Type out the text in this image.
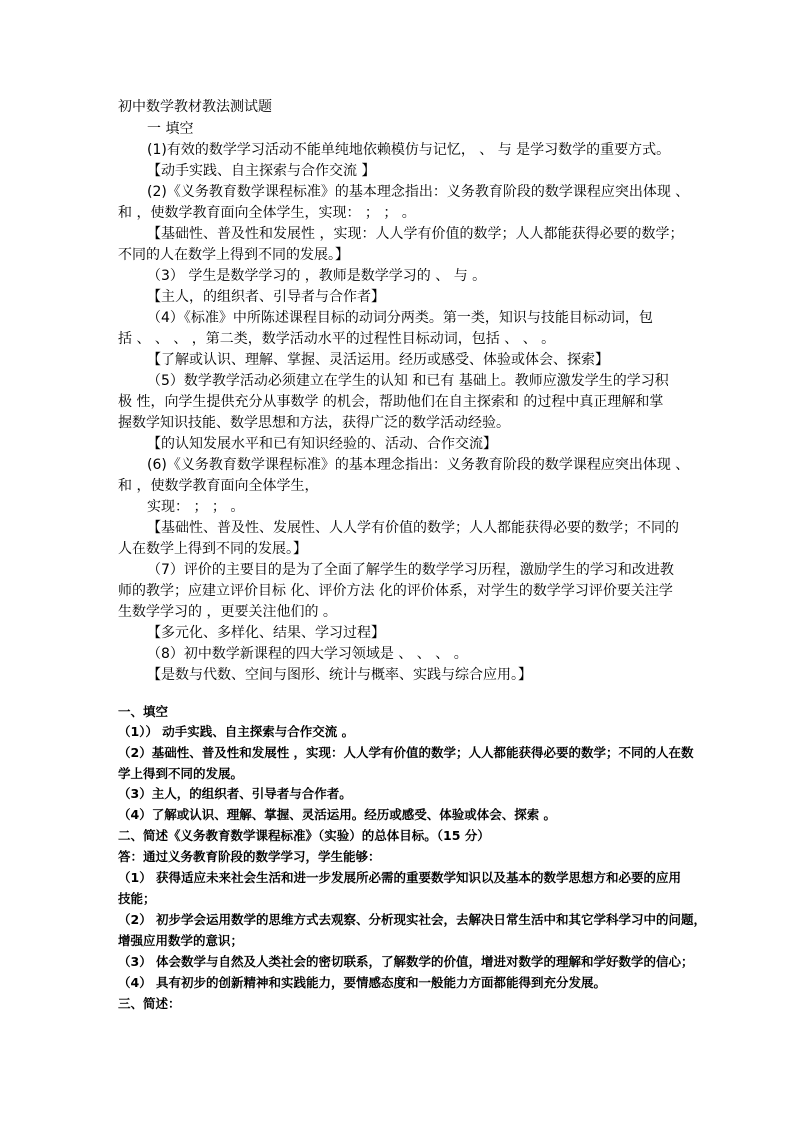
初中数学教材教法测试题
一 填空
(1)有效的数学学习活动不能单纯地依赖模仿与记忆， 、 与 是学习数学的重要方式。
【动手实践、自主探索与合作交流 】
(2)《义务教育数学课程标准》的基本理念指出：义务教育阶段的数学课程应突出体现 、
和 ，使数学教育面向全体学生，实现： ； ； 。
【基础性、普及性和发展性 ，实现：人人学有价值的数学；人人都能获得必要的数学；
不同的人在数学上得到不同的发展。】
（3） 学生是数学学习的 ，教师是数学学习的 、 与 。
【主人，的组织者、引导者与合作者】
（4）《标准》中所陈述课程目标的动词分两类。第一类，知识与技能目标动词，包
括 、 、 、 ，第二类，数学活动水平的过程性目标动词，包括 、 、 。
【了解或认识、理解、掌握、灵活运用。经历或感受、体验或体会、探索】
（5）数学教学活动必须建立在学生的认知 和已有 基础上。教师应激发学生的学习积
极 性，向学生提供充分从事数学 的机会，帮助他们在自主探索和 的过程中真正理解和掌
握数学知识技能、数学思想和方法，获得广泛的数学活动经验。
【的认知发展水平和已有知识经验的、活动、合作交流】
(6)《义务教育数学课程标准》的基本理念指出：义务教育阶段的数学课程应突出体现 、
和 ，使数学教育面向全体学生，
实现： ； ； 。
【基础性、普及性、发展性、人人学有价值的数学；人人都能获得必要的数学；不同的
人在数学上得到不同的发展。】
（7）评价的主要目的是为了全面了解学生的数学学习历程，激励学生的学习和改进教
师的教学；应建立评价目标 化、评价方法 化的评价体系，对学生的数学学习评价要关注学
生数学学习的 ，更要关注他们的 。
【多元化、多样化、结果、学习过程】
（8）初中数学新课程的四大学习领域是 、 、 、 。
【是数与代数、空间与图形、统计与概率、实践与综合应用。】
一、填空
（1）） 动手实践、自主探索与合作交流 。
（2）基础性、普及性和发展性 ，实现：人人学有价值的数学；人人都能获得必要的数学；不同的人在数
学上得到不同的发展。
（3）主人，的组织者、引导者与合作者。
（4）了解或认识、理解、掌握、灵活运用。经历或感受、体验或体会、探索 。
二、简述《义务教育数学课程标准》（实验）的总体目标。（15 分）
答：通过义务教育阶段的数学学习，学生能够：
（1） 获得适应未来社会生活和进一步发展所必需的重要数学知识以及基本的数学思想方和必要的应用
技能；
（2） 初步学会运用数学的思维方式去观察、分析现实社会，去解决日常生活中和其它学科学习中的问题，
增强应用数学的意识；
（3） 体会数学与自然及人类社会的密切联系，了解数学的价值，增进对数学的理解和学好数学的信心；
（4） 具有初步的创新精神和实践能力，要情感态度和一般能力方面都能得到充分发展。
三、简述：
